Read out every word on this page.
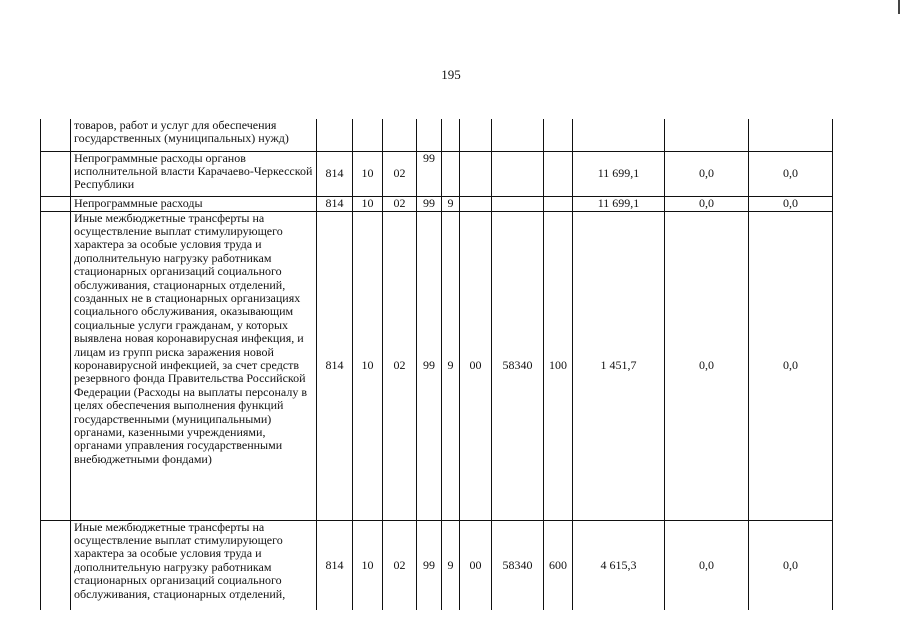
195
	товаров, работ и услуг для обеспечения государственных (муниципальных) нужд)											
	Непрограммные расходы органов исполнительной власти Карачаево-Черкесской Республики	814	10	02	99					11 699,1	0,0	0,0
	Непрограммные расходы	814	10	02	99	9				11 699,1	0,0	0,0
	Иные межбюджетные трансферты на осуществление выплат стимулирующего характера за особые условия труда и дополнительную нагрузку работникам стационарных организаций социального обслуживания, стационарных отделений, созданных не в стационарных организациях социального обслуживания, оказывающим социальные услуги гражданам, у которых выявлена новая коронавирусная инфекция, и лицам из групп риска заражения новой коронавирусной инфекцией, за счет средств резервного фонда Правительства Российской Федерации (Расходы на выплаты персоналу в целях обеспечения выполнения функций государственными (муниципальными) органами, казенными учреждениями, органами управления государственными внебюджетными фондами)	814	10	02	99	9	00	58340	100	1 451,7	0,0	0,0
	Иные межбюджетные трансферты на осуществление выплат стимулирующего характера за особые условия труда и дополнительную нагрузку работникам стационарных организаций социального обслуживания, стационарных отделений,	814	10	02	99	9	00	58340	600	4 615,3	0,0	0,0
